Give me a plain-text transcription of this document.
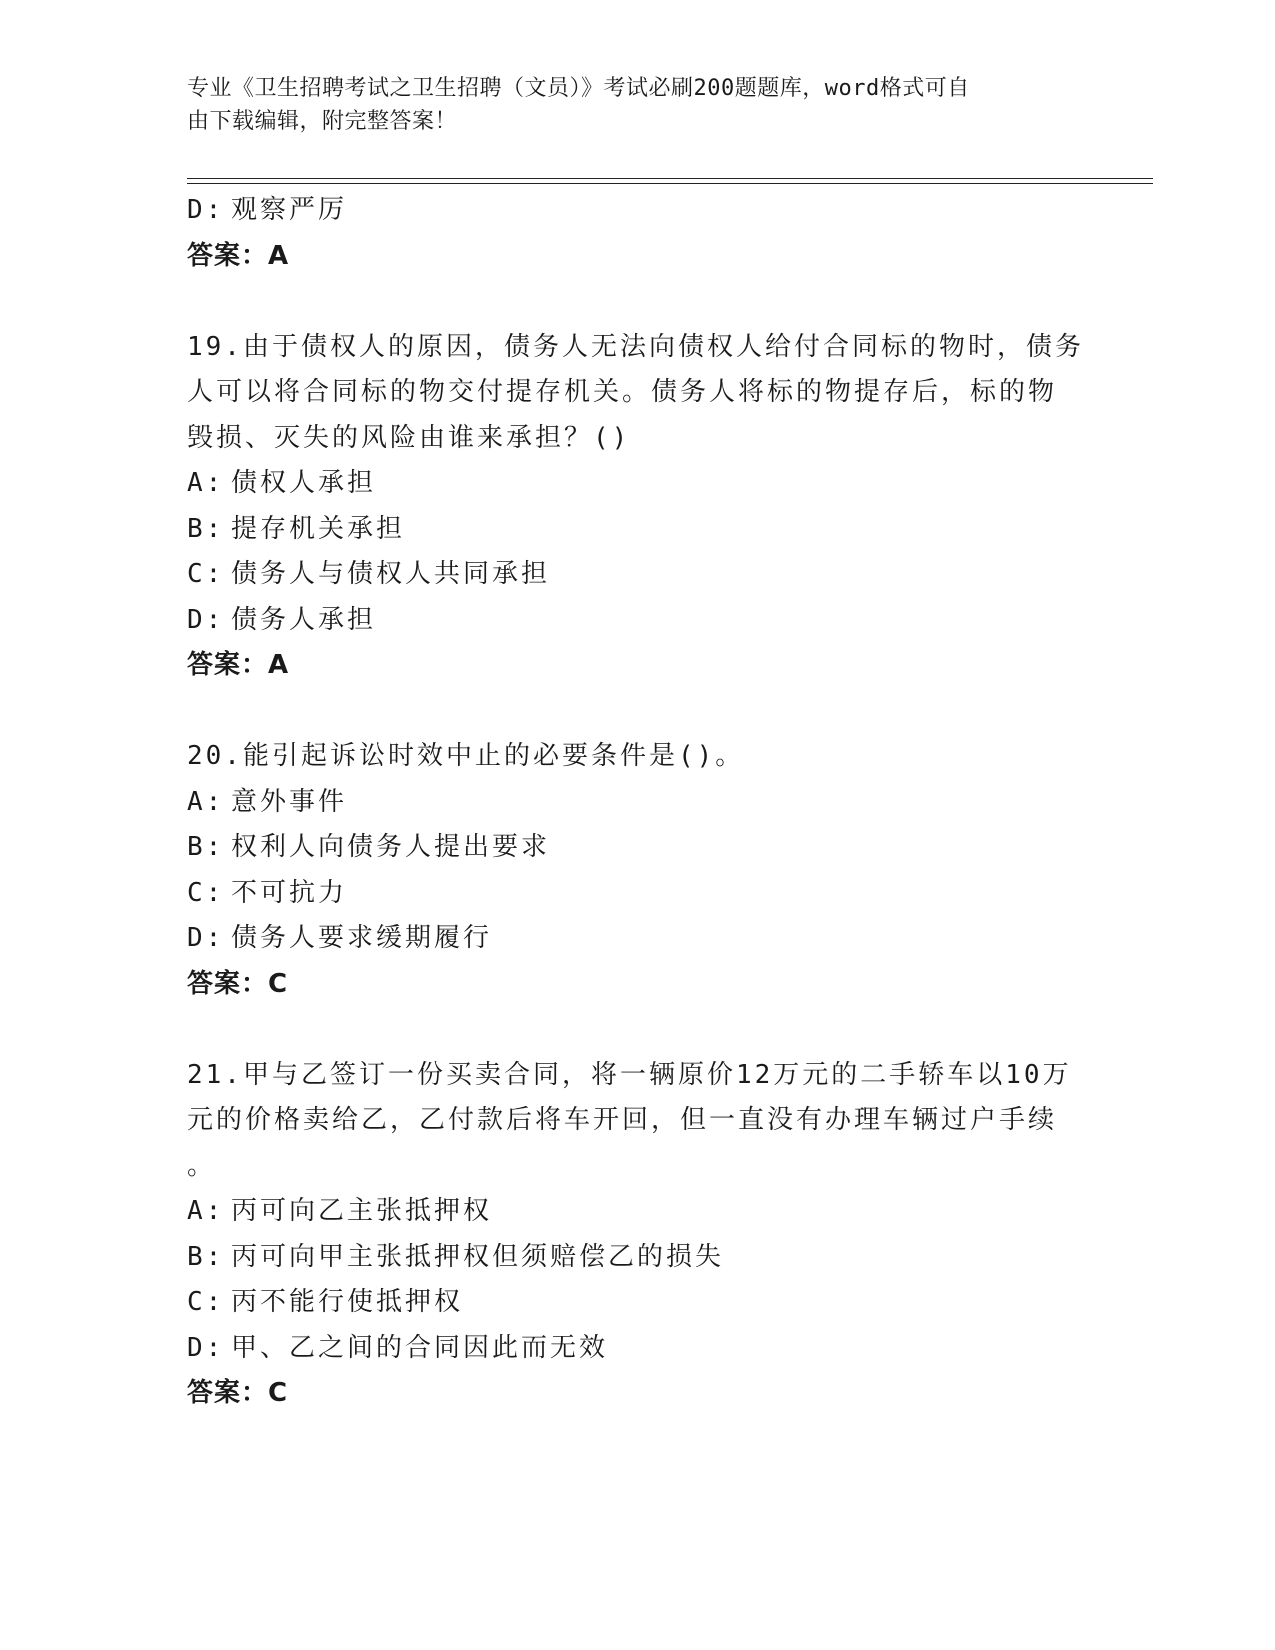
专业《卫生招聘考试之卫生招聘（文员）》考试必刷200题题库，word格式可自
由下载编辑，附完整答案！
D: 观察严厉
答案：A
19.由于债权人的原因，债务人无法向债权人给付合同标的物时，债务
人可以将合同标的物交付提存机关。债务人将标的物提存后，标的物
毁损、灭失的风险由谁来承担？()
A: 债权人承担
B: 提存机关承担
C: 债务人与债权人共同承担
D: 债务人承担
答案：A
20.能引起诉讼时效中止的必要条件是()。
A: 意外事件
B: 权利人向债务人提出要求
C: 不可抗力
D: 债务人要求缓期履行
答案：C
21.甲与乙签订一份买卖合同，将一辆原价12万元的二手轿车以10万
元的价格卖给乙，乙付款后将车开回，但一直没有办理车辆过户手续
。
A: 丙可向乙主张抵押权
B: 丙可向甲主张抵押权但须赔偿乙的损失
C: 丙不能行使抵押权
D: 甲、乙之间的合同因此而无效
答案：C
